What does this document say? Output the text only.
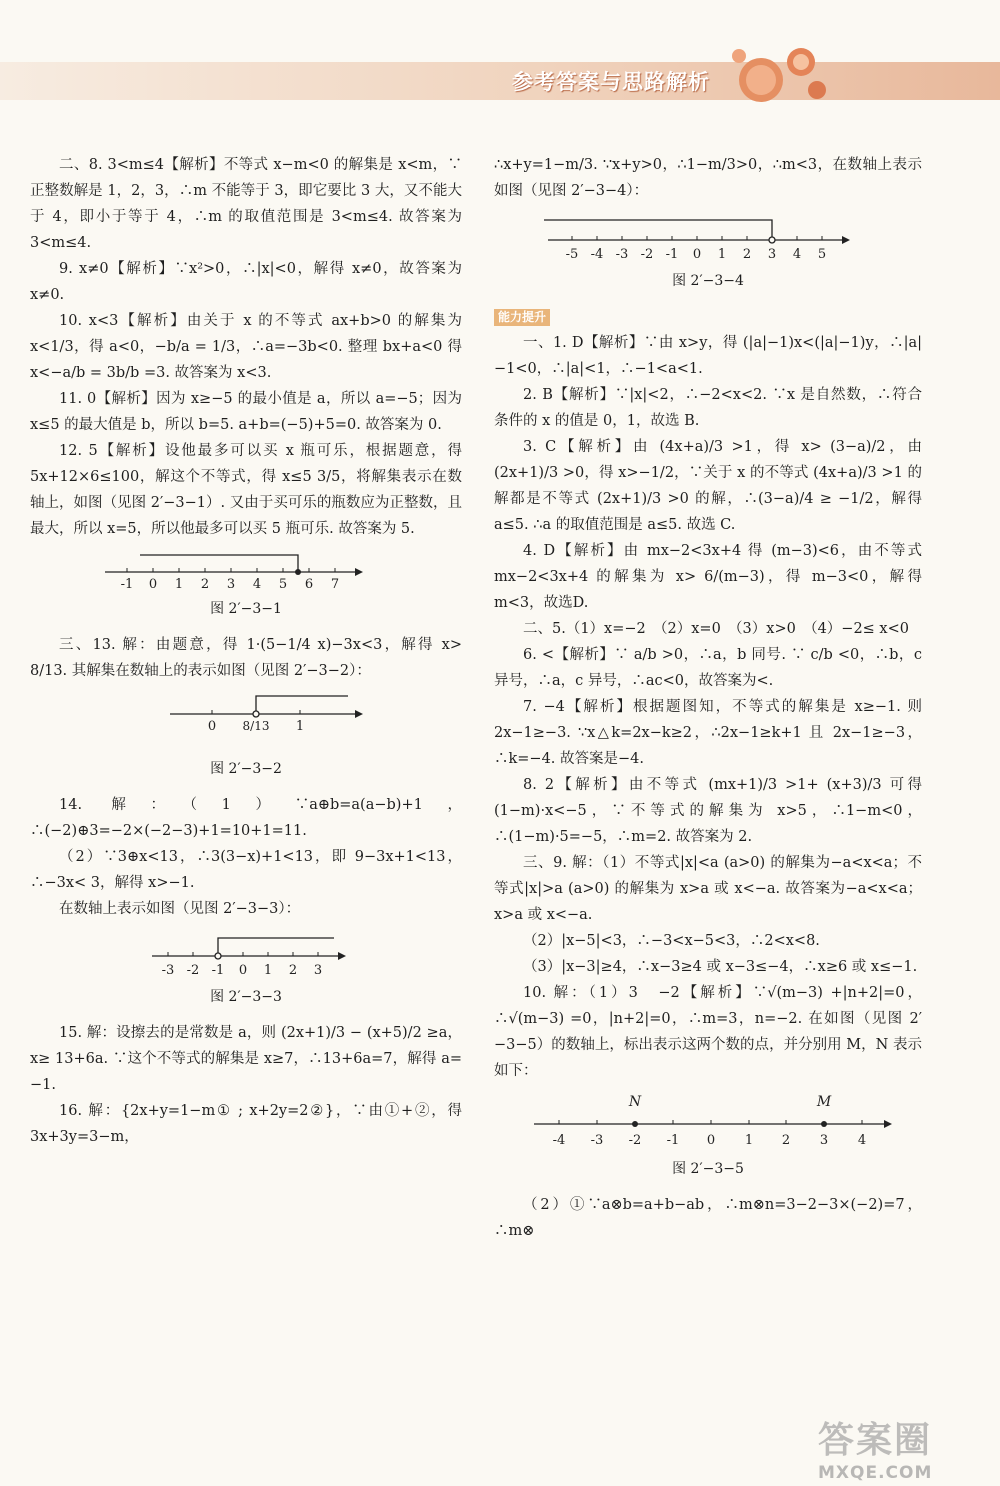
参考答案与思路解析

二、8. 3<m≤4【解析】不等式 x−m<0 的解集是 x<m，∵正整数解是 1，2，3，∴m 不能等于 3，即它要比 3 大，又不能大于 4，即小于等于 4，∴m 的取值范围是 3<m≤4. 故答案为 3<m≤4.

9. x≠0【解析】∵x²>0，∴|x|<0，解得 x≠0，故答案为 x≠0.

10. x<3【解析】由关于 x 的不等式 ax+b>0 的解集为 x<1/3，得 a<0，−b/a = 1/3，∴a=−3b<0. 整理 bx+a<0 得 x<−a/b = 3b/b =3. 故答案为 x<3.

11. 0【解析】因为 x≥−5 的最小值是 a，所以 a=−5；因为 x≤5 的最大值是 b，所以 b=5. a+b=(−5)+5=0. 故答案为 0.

12. 5【解析】设他最多可以买 x 瓶可乐，根据题意，得 5x+12×6≤100，解这个不等式，得 x≤5 3/5，将解集表示在数轴上，如图（见图 2′−3−1）. 又由于买可乐的瓶数应为正整数，且最大，所以 x=5，所以他最多可以买 5 瓶可乐. 故答案为 5.

-1 0 1 2 3 4 5 6 7
图 2′−3−1

三、13. 解：由题意，得 1·(5−1/4 x)−3x<3，解得 x> 8/13. 其解集在数轴上的表示如图（见图 2′−3−2）：

0 8/13 1
图 2′−3−2

14. 解：（1）∵a⊕b=a(a−b)+1，∴(−2)⊕3=−2×(−2−3)+1=10+1=11.

（2）∵3⊕x<13，∴3(3−x)+1<13，即 9−3x+1<13，∴−3x< 3，解得 x>−1.

在数轴上表示如图（见图 2′−3−3）：

-3 -2 -1 0 1 2 3
图 2′−3−3

15. 解：设擦去的是常数是 a，则 (2x+1)/3 − (x+5)/2 ≥a，x≥ 13+6a. ∵这个不等式的解集是 x≥7，∴13+6a=7，解得 a= −1.

16. 解：{2x+y=1−m① ; x+2y=2②}，∵由①+②，得 3x+3y=3−m，

∴x+y=1−m/3. ∵x+y>0，∴1−m/3>0，∴m<3，在数轴上表示如图（见图 2′−3−4）：

-5 -4 -3 -2 -1 0 1 2 3 4 5
图 2′−3−4
能力提升

一、1. D【解析】∵由 x>y，得 (|a|−1)x<(|a|−1)y，∴|a|−1<0，∴|a|<1，∴−1<a<1.

2. B【解析】∵|x|<2，∴−2<x<2. ∵x 是自然数，∴符合条件的 x 的值是 0，1，故选 B.

3. C【解析】由 (4x+a)/3 >1，得 x> (3−a)/2，由 (2x+1)/3 >0，得 x>−1/2，∵关于 x 的不等式 (4x+a)/3 >1 的解都是不等式 (2x+1)/3 >0 的解，∴(3−a)/4 ≥ −1/2，解得 a≤5. ∴a 的取值范围是 a≤5. 故选 C.

4. D【解析】由 mx−2<3x+4 得 (m−3)<6，由不等式 mx−2<3x+4 的解集为 x> 6/(m−3)，得 m−3<0，解得 m<3，故选D.

二、5.（1）x=−2　（2）x=0　（3）x>0　（4）−2≤ x<0

6. <【解析】∵ a/b >0，∴a，b 同号. ∵ c/b <0，∴b，c 异号，∴a，c 异号，∴ac<0，故答案为<.

7. −4【解析】根据题图知，不等式的解集是 x≥−1. 则 2x−1≥−3. ∵x△k=2x−k≥2，∴2x−1≥k+1 且 2x−1≥−3，∴k=−4. 故答案是−4.

8. 2【解析】由不等式 (mx+1)/3 >1+ (x+3)/3 可得 (1−m)·x<−5，∵不等式的解集为 x>5，∴1−m<0，∴(1−m)·5=−5，∴m=2. 故答案为 2.

三、9. 解：（1）不等式|x|<a (a>0) 的解集为−a<x<a；不等式|x|>a (a>0) 的解集为 x>a 或 x<−a. 故答案为−a<x<a；x>a 或 x<−a.

（2）|x−5|<3，∴−3<x−5<3，∴2<x<8.

（3）|x−3|≥4，∴x−3≥4 或 x−3≤−4，∴x≥6 或 x≤−1.

10. 解：（1）3　−2【解析】∵√(m−3) +|n+2|=0，∴√(m−3) =0，|n+2|=0，∴m=3，n=−2. 在如图（见图 2′−3−5）的数轴上，标出表示这两个数的点，并分别用 M，N 表示如下：

N	M
-4 -3 -2 -1 0 1 2 3 4
图 2′−3−5

（2）①∵a⊗b=a+b−ab，∴m⊗n=3−2−3×(−2)=7，∴m⊗

答案圈
MXQE.COM
